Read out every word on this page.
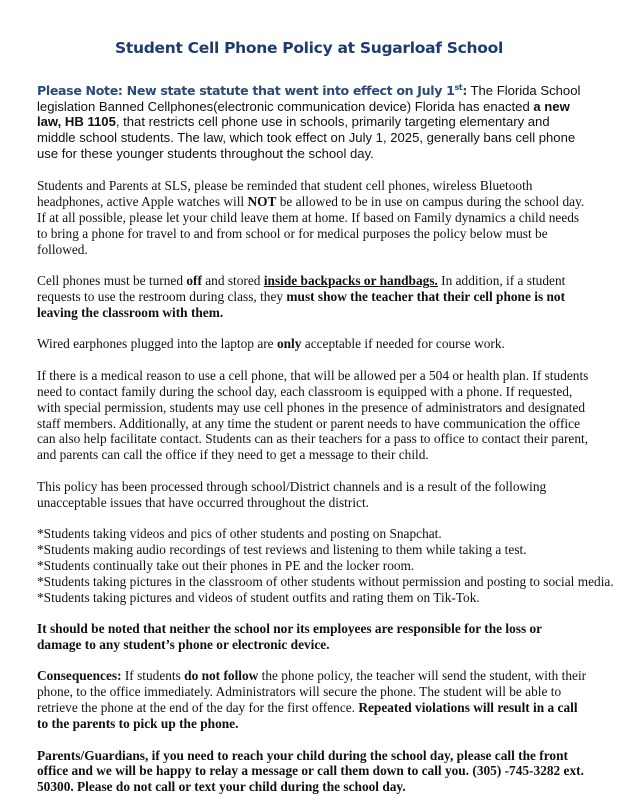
Student Cell Phone Policy at Sugarloaf School

Please Note: New state statute that went into effect on July 1st: The Florida School legislation Banned Cellphones(electronic communication device) Florida has enacted a new law, HB 1105, that restricts cell phone use in schools, primarily targeting elementary and middle school students. The law, which took effect on July 1, 2025, generally bans cell phone use for these younger students throughout the school day.

Students and Parents at SLS, please be reminded that student cell phones, wireless Bluetooth headphones, active Apple watches will NOT be allowed to be in use on campus during the school day. If at all possible, please let your child leave them at home. If based on Family dynamics a child needs to bring a phone for travel to and from school or for medical purposes the policy below must be followed.

Cell phones must be turned off and stored inside backpacks or handbags. In addition, if a student requests to use the restroom during class, they must show the teacher that their cell phone is not leaving the classroom with them.

Wired earphones plugged into the laptop are only acceptable if needed for course work.

If there is a medical reason to use a cell phone, that will be allowed per a 504 or health plan. If students need to contact family during the school day, each classroom is equipped with a phone. If requested, with special permission, students may use cell phones in the presence of administrators and designated staff members. Additionally, at any time the student or parent needs to have communication the office can also help facilitate contact. Students can as their teachers for a pass to office to contact their parent, and parents can call the office if they need to get a message to their child.

This policy has been processed through school/District channels and is a result of the following unacceptable issues that have occurred throughout the district.

*Students taking videos and pics of other students and posting on Snapchat.
*Students making audio recordings of test reviews and listening to them while taking a test.
*Students continually take out their phones in PE and the locker room.
*Students taking pictures in the classroom of other students without permission and posting to social media.
*Students taking pictures and videos of student outfits and rating them on Tik-Tok.

It should be noted that neither the school nor its employees are responsible for the loss or damage to any student’s phone or electronic device.

Consequences: If students do not follow the phone policy, the teacher will send the student, with their phone, to the office immediately. Administrators will secure the phone. The student will be able to retrieve the phone at the end of the day for the first offence. Repeated violations will result in a call to the parents to pick up the phone.

Parents/Guardians, if you need to reach your child during the school day, please call the front office and we will be happy to relay a message or call them down to call you. (305) -745-3282 ext. 50300. Please do not call or text your child during the school day.
